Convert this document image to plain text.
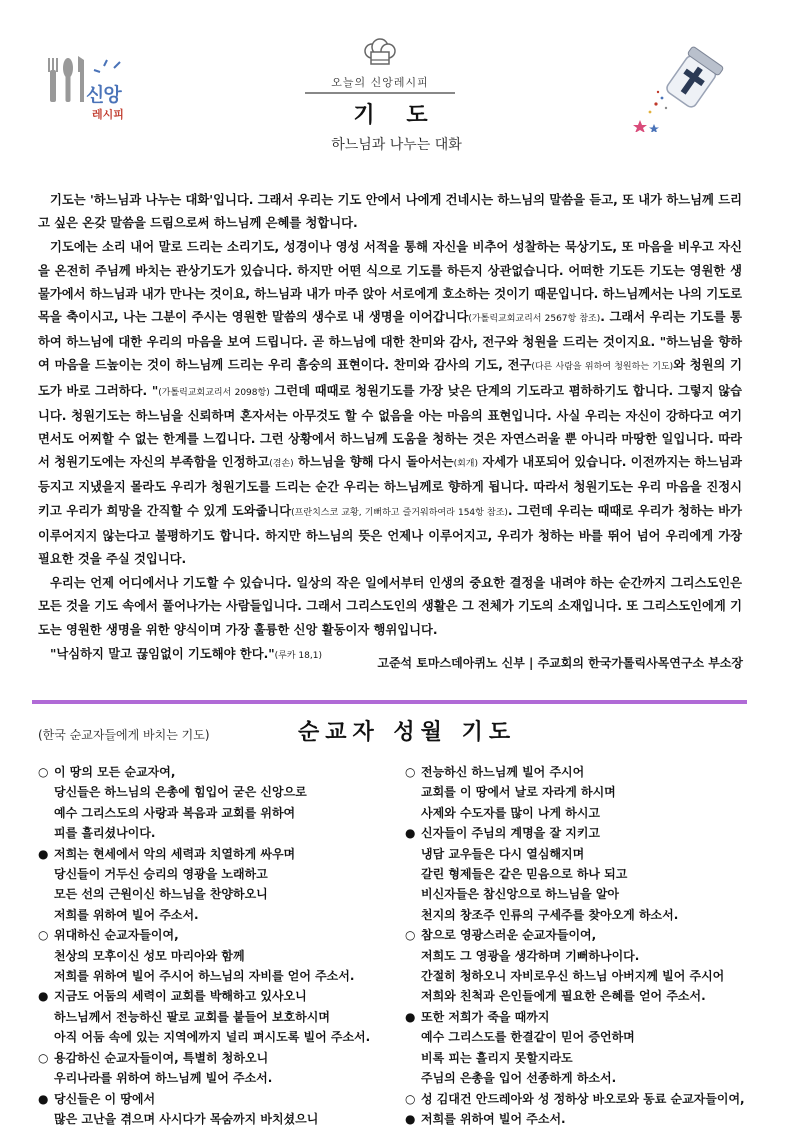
신앙
레시피
오늘의 신앙레시피
기 도
하느님과 나누는 대화

기도는 '하느님과 나누는 대화'입니다. 그래서 우리는 기도 안에서 나에게 건네시는 하느님의 말씀을 듣고, 또 내가 하느님께 드리고 싶은 온갖 말씀을 드림으로써 하느님께 은혜를 청합니다.

기도에는 소리 내어 말로 드리는 소리기도, 성경이나 영성 서적을 통해 자신을 비추어 성찰하는 묵상기도, 또 마음을 비우고 자신을 온전히 주님께 바치는 관상기도가 있습니다. 하지만 어떤 식으로 기도를 하든지 상관없습니다. 어떠한 기도든 기도는 영원한 생물가에서 하느님과 내가 만나는 것이요, 하느님과 내가 마주 앉아 서로에게 호소하는 것이기 때문입니다. 하느님께서는 나의 기도로 목을 축이시고, 나는 그분이 주시는 영원한 말씀의 생수로 내 생명을 이어갑니다(가톨릭교회교리서 2567항 참조). 그래서 우리는 기도를 통하여 하느님에 대한 우리의 마음을 보여 드립니다. 곧 하느님에 대한 찬미와 감사, 전구와 청원을 드리는 것이지요. "하느님을 향하여 마음을 드높이는 것이 하느님께 드리는 우리 흠숭의 표현이다. 찬미와 감사의 기도, 전구(다른 사람을 위하여 청원하는 기도)와 청원의 기도가 바로 그러하다. "(가톨릭교회교리서 2098항) 그런데 때때로 청원기도를 가장 낮은 단계의 기도라고 폄하하기도 합니다. 그렇지 않습니다. 청원기도는 하느님을 신뢰하며 혼자서는 아무것도 할 수 없음을 아는 마음의 표현입니다. 사실 우리는 자신이 강하다고 여기면서도 어찌할 수 없는 한계를 느낍니다. 그런 상황에서 하느님께 도움을 청하는 것은 자연스러울 뿐 아니라 마땅한 일입니다. 따라서 청원기도에는 자신의 부족함을 인정하고(겸손) 하느님을 향해 다시 돌아서는(회개) 자세가 내포되어 있습니다. 이전까지는 하느님과 등지고 지냈을지 몰라도 우리가 청원기도를 드리는 순간 우리는 하느님께로 향하게 됩니다. 따라서 청원기도는 우리 마음을 진정시키고 우리가 희망을 간직할 수 있게 도와줍니다(프란치스코 교황, 기뻐하고 즐거워하여라 154항 참조). 그런데 우리는 때때로 우리가 청하는 바가 이루어지지 않는다고 불평하기도 합니다. 하지만 하느님의 뜻은 언제나 이루어지고, 우리가 청하는 바를 뛰어 넘어 우리에게 가장 필요한 것을 주실 것입니다.

우리는 언제 어디에서나 기도할 수 있습니다. 일상의 작은 일에서부터 인생의 중요한 결정을 내려야 하는 순간까지 그리스도인은 모든 것을 기도 속에서 풀어나가는 사람들입니다. 그래서 그리스도인의 생활은 그 전체가 기도의 소재입니다. 또 그리스도인에게 기도는 영원한 생명을 위한 양식이며 가장 훌륭한 신앙 활동이자 행위입니다.

"낙심하지 말고 끊임없이 기도해야 한다."(루카 18,1)

고준석 토마스데아퀴노 신부 | 주교회의 한국가톨릭사목연구소 부소장
(한국 순교자들에게 바치는 기도)	순교자 성월 기도
○ 이 땅의 모든 순교자여,
당신들은 하느님의 은총에 힘입어 굳은 신앙으로
예수 그리스도의 사랑과 복음과 교회를 위하여
피를 흘리셨나이다.
● 저희는 현세에서 악의 세력과 치열하게 싸우며
당신들이 거두신 승리의 영광을 노래하고
모든 선의 근원이신 하느님을 찬양하오니
저희를 위하여 빌어 주소서.
○ 위대하신 순교자들이여,
천상의 모후이신 성모 마리아와 함께
저희를 위하여 빌어 주시어 하느님의 자비를 얻어 주소서.
● 지금도 어둠의 세력이 교회를 박해하고 있사오니
하느님께서 전능하신 팔로 교회를 붙들어 보호하시며
아직 어둠 속에 있는 지역에까지 널리 펴시도록 빌어 주소서.
○ 용감하신 순교자들이여, 특별히 청하오니
우리나라를 위하여 하느님께 빌어 주소서.
● 당신들은 이 땅에서
많은 고난을 겪으며 사시다가 목숨까지 바치셨으니
○ 전능하신 하느님께 빌어 주시어
교회를 이 땅에서 날로 자라게 하시며
사제와 수도자를 많이 나게 하시고
● 신자들이 주님의 계명을 잘 지키고
냉담 교우들은 다시 열심해지며
갈린 형제들은 같은 믿음으로 하나 되고
비신자들은 참신앙으로 하느님을 알아
천지의 창조주 인류의 구세주를 찾아오게 하소서.
○ 참으로 영광스러운 순교자들이여,
저희도 그 영광을 생각하며 기뻐하나이다.
간절히 청하오니 자비로우신 하느님 아버지께 빌어 주시어
저희와 친척과 은인들에게 필요한 은혜를 얻어 주소서.
● 또한 저희가 죽을 때까지
예수 그리스도를 한결같이 믿어 증언하며
비록 피는 흘리지 못할지라도
주님의 은총을 입어 선종하게 하소서.
○ 성 김대건 안드레아와 성 정하상 바오로와 동료 순교자들이여,
● 저희를 위하여 빌어 주소서.
